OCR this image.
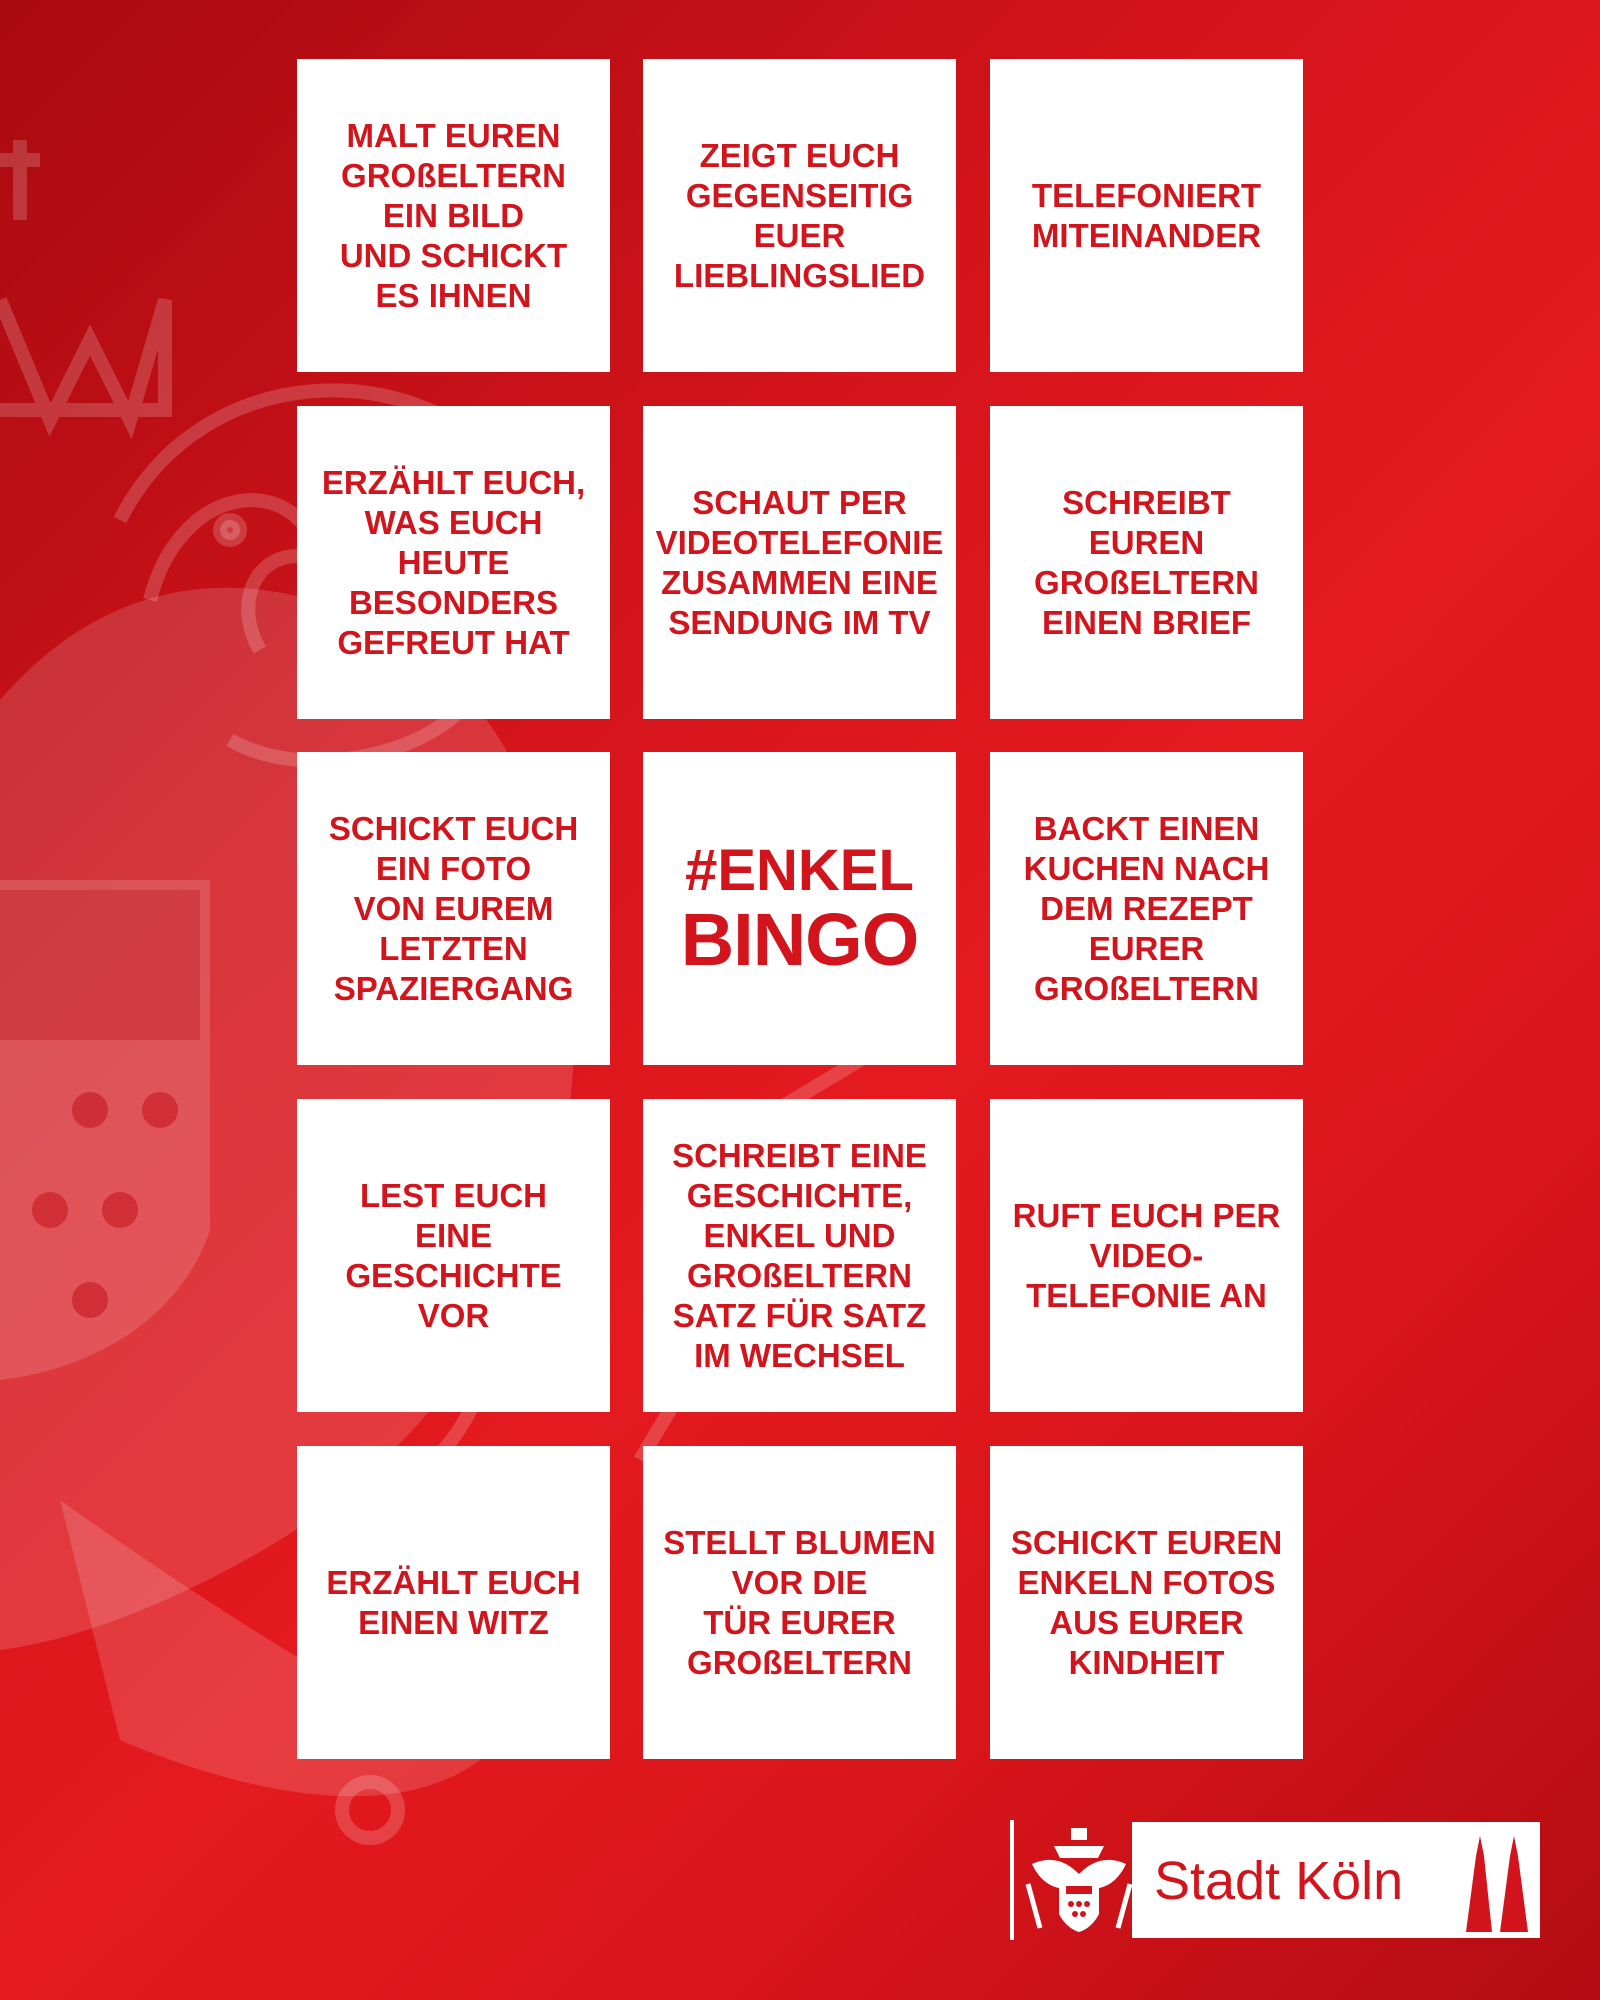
MALT EUREN
GROßELTERN
EIN BILD
UND SCHICKT
ES IHNEN
ZEIGT EUCH
GEGENSEITIG
EUER
LIEBLINGSLIED
TELEFONIERT
MITEINANDER
ERZÄHLT EUCH,
WAS EUCH
HEUTE
BESONDERS
GEFREUT HAT
SCHAUT PER
VIDEOTELEFONIE
ZUSAMMEN EINE
SENDUNG IM TV
SCHREIBT EUREN
GROßELTERN
EINEN BRIEF
SCHICKT EUCH
EIN FOTO
VON EUREM
LETZTEN
SPAZIERGANG
#ENKEL
BINGO
BACKT EINEN
KUCHEN NACH
DEM REZEPT
EURER
GROßELTERN
LEST EUCH
EINE
GESCHICHTE
VOR
SCHREIBT EINE
GESCHICHTE,
ENKEL UND
GROßELTERN
SATZ FÜR SATZ
IM WECHSEL
RUFT EUCH PER
VIDEO-
TELEFONIE AN
ERZÄHLT EUCH
EINEN WITZ
STELLT BLUMEN
VOR DIE
TÜR EURER
GROßELTERN
SCHICKT EUREN
ENKELN FOTOS
AUS EURER
KINDHEIT
Stadt Köln
